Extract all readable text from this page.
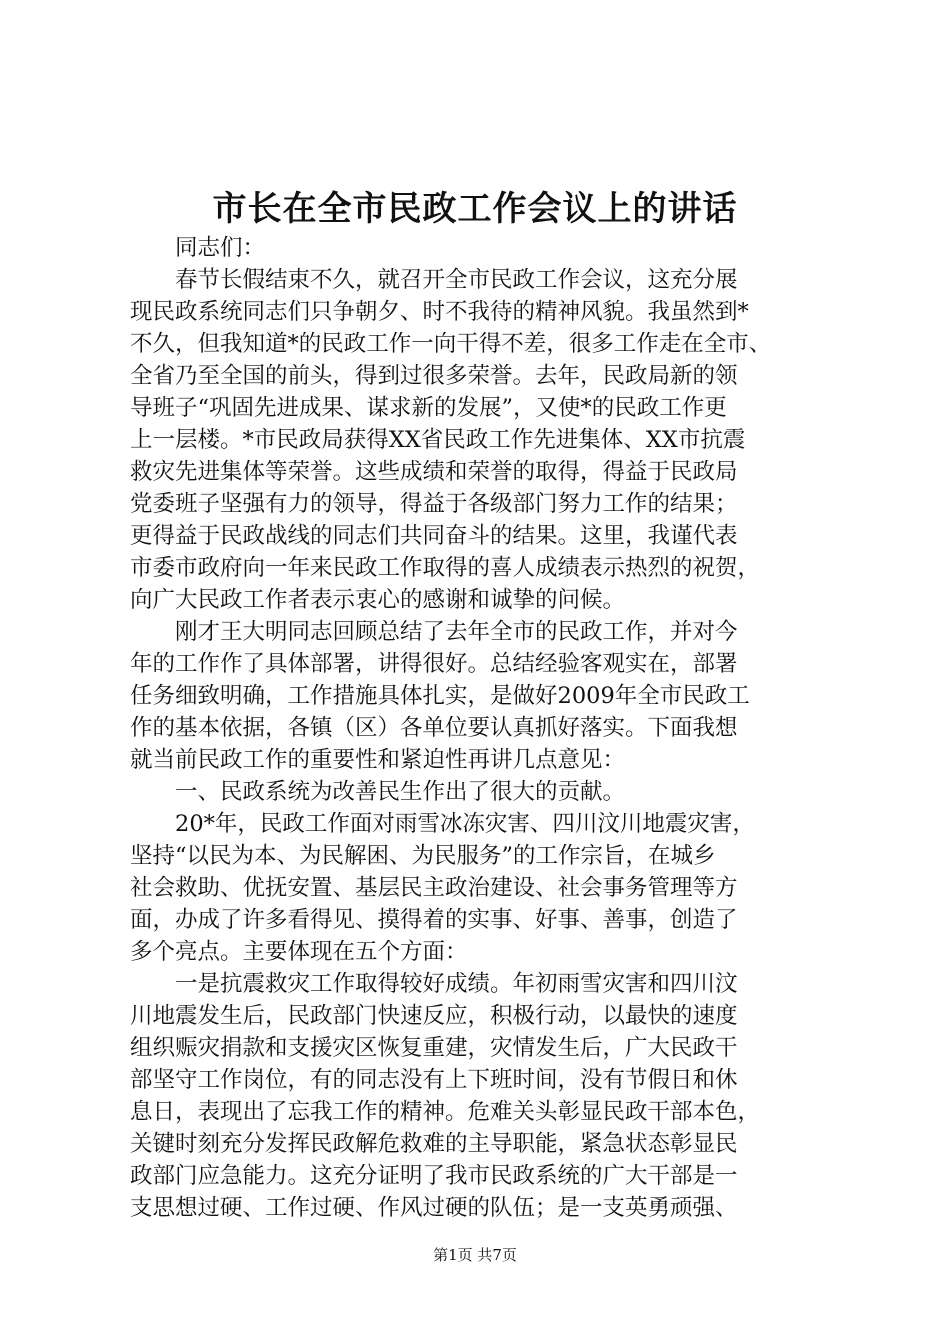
市长在全市民政工作会议上的讲话
同志们：
春节长假结束不久，就召开全市民政工作会议，这充分展
现民政系统同志们只争朝夕、时不我待的精神风貌。我虽然到*
不久，但我知道*的民政工作一向干得不差，很多工作走在全市、
全省乃至全国的前头，得到过很多荣誉。去年，民政局新的领
导班子“巩固先进成果、谋求新的发展”，又使*的民政工作更
上一层楼。*市民政局获得XX省民政工作先进集体、XX市抗震
救灾先进集体等荣誉。这些成绩和荣誉的取得，得益于民政局
党委班子坚强有力的领导，得益于各级部门努力工作的结果；
更得益于民政战线的同志们共同奋斗的结果。这里，我谨代表
市委市政府向一年来民政工作取得的喜人成绩表示热烈的祝贺，
向广大民政工作者表示衷心的感谢和诚挚的问候。
刚才王大明同志回顾总结了去年全市的民政工作，并对今
年的工作作了具体部署，讲得很好。总结经验客观实在，部署
任务细致明确，工作措施具体扎实，是做好2009年全市民政工
作的基本依据，各镇（区）各单位要认真抓好落实。下面我想
就当前民政工作的重要性和紧迫性再讲几点意见：
一、民政系统为改善民生作出了很大的贡献。
20*年，民政工作面对雨雪冰冻灾害、四川汶川地震灾害，
坚持“以民为本、为民解困、为民服务”的工作宗旨，在城乡
社会救助、优抚安置、基层民主政治建设、社会事务管理等方
面，办成了许多看得见、摸得着的实事、好事、善事，创造了
多个亮点。主要体现在五个方面：
一是抗震救灾工作取得较好成绩。年初雨雪灾害和四川汶
川地震发生后，民政部门快速反应，积极行动，以最快的速度
组织赈灾捐款和支援灾区恢复重建，灾情发生后，广大民政干
部坚守工作岗位，有的同志没有上下班时间，没有节假日和休
息日，表现出了忘我工作的精神。危难关头彰显民政干部本色，
关键时刻充分发挥民政解危救难的主导职能，紧急状态彰显民
政部门应急能力。这充分证明了我市民政系统的广大干部是一
支思想过硬、工作过硬、作风过硬的队伍；是一支英勇顽强、
第1页 共7页
